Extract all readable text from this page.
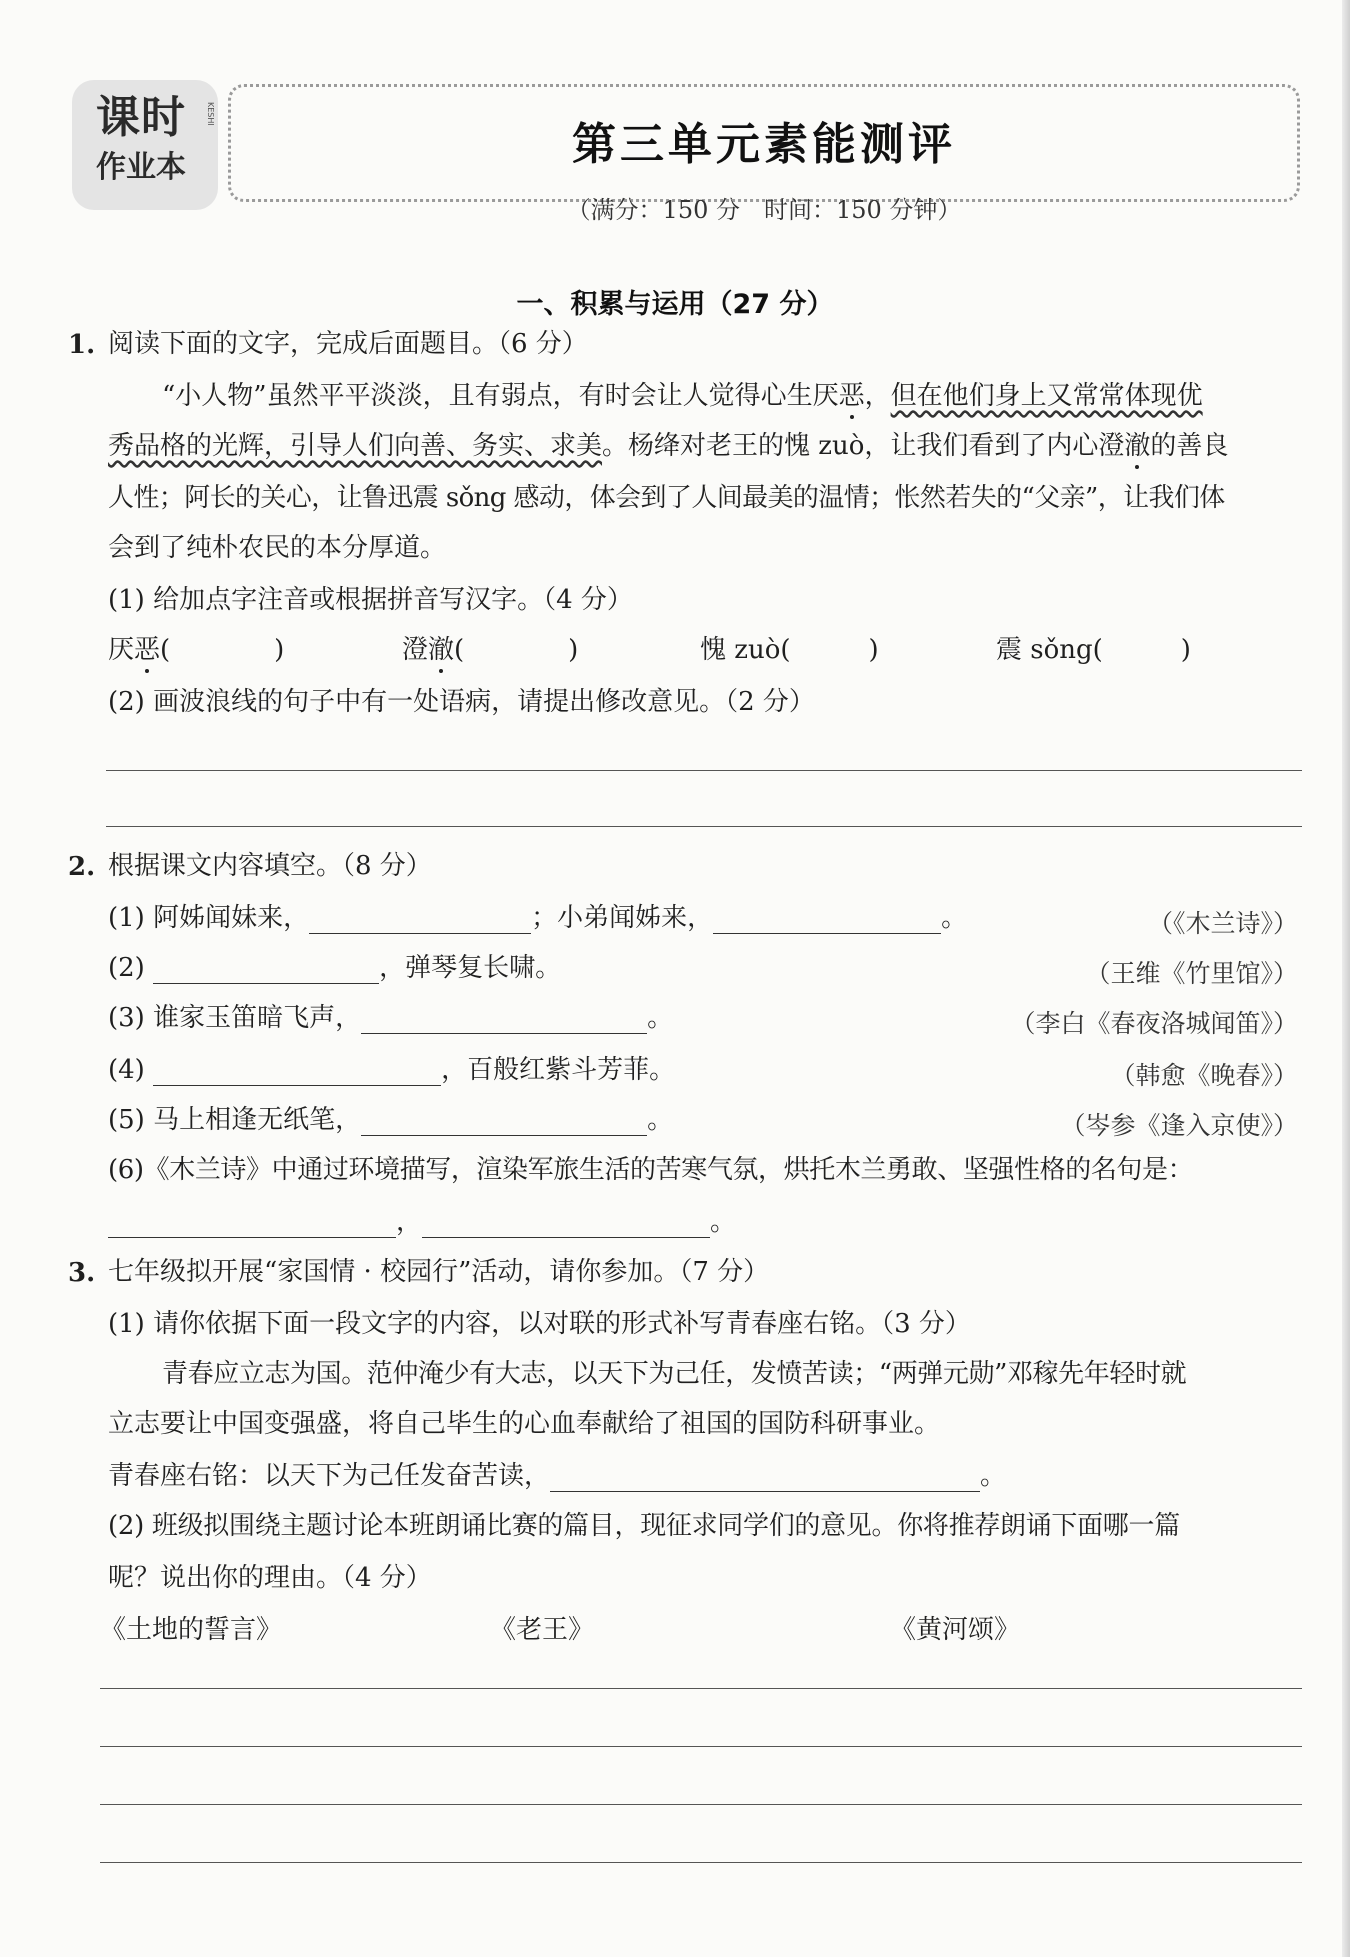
课时
作业本
KESHI
第三单元素能测评
（满分：150 分　时间：150 分钟）
一、积累与运用（27 分）
1. 阅读下面的文字，完成后面题目。（6 分）
“小人物”虽然平平淡淡，且有弱点，有时会让人觉得心生厌恶，但在他们身上又常常体现优
秀品格的光辉，引导人们向善、务实、求美。杨绛对老王的愧 zuò，让我们看到了内心澄澈的善良
人性；阿长的关心，让鲁迅震 sǒng 感动，体会到了人间最美的温情；怅然若失的“父亲”，让我们体
会到了纯朴农民的本分厚道。
(1) 给加点字注音或根据拼音写汉字。（4 分）
厌恶(　　　　)	澄澈(　　　　)	愧 zuò(　　　)	震 sǒng(　　　)
(2) 画波浪线的句子中有一处语病，请提出修改意见。（2 分）
2. 根据课文内容填空。（8 分）
(1) 阿姊闻妹来，	；小弟闻姊来，	。	（《木兰诗》）
(2)	，弹琴复长啸。	（王维《竹里馆》）
(3) 谁家玉笛暗飞声，	。	（李白《春夜洛城闻笛》）
(4)	，百般红紫斗芳菲。	（韩愈《晚春》）
(5) 马上相逢无纸笔，	。	（岑参《逢入京使》）
(6)《木兰诗》中通过环境描写，渲染军旅生活的苦寒气氛，烘托木兰勇敢、坚强性格的名句是：
，	。
3. 七年级拟开展“家国情 · 校园行”活动，请你参加。（7 分）
(1) 请你依据下面一段文字的内容，以对联的形式补写青春座右铭。（3 分）
青春应立志为国。范仲淹少有大志，以天下为己任，发愤苦读；“两弹元勋”邓稼先年轻时就
立志要让中国变强盛，将自己毕生的心血奉献给了祖国的国防科研事业。
青春座右铭：以天下为己任发奋苦读，	。
(2) 班级拟围绕主题讨论本班朗诵比赛的篇目，现征求同学们的意见。你将推荐朗诵下面哪一篇
呢？说出你的理由。（4 分）
《土地的誓言》	《老王》	《黄河颂》
